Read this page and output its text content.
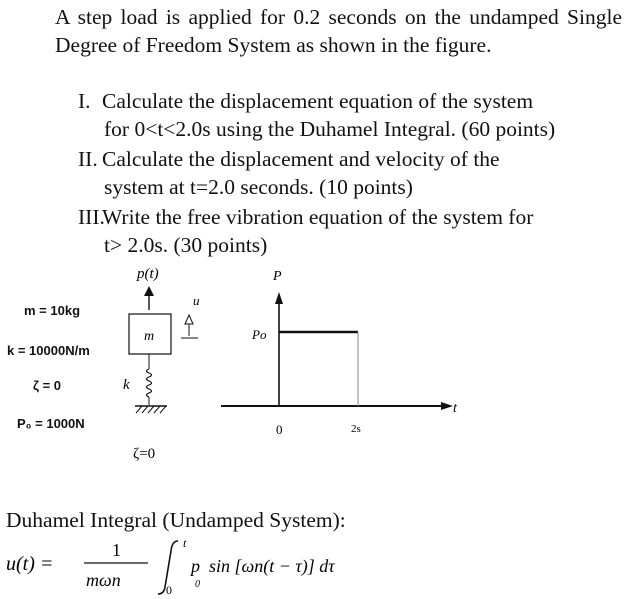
A step load is applied for 0.2 seconds on the undamped Single Degree of Freedom System as shown in the figure.
I. Calculate the displacement equation of the system
for 0<t<2.0s using the Duhamel Integral. (60 points)
II. Calculate the displacement and velocity of the
system at t=2.0 seconds. (10 points)
III.Write the free vibration equation of the system for
t> 2.0s. (30 points)
m = 10kg
k = 10000N/m
ζ = 0
P₀ = 1000N
p(t)
m
u
k
ζ=0
P
t
Po
0	2s
Duhamel Integral (Undamped System):
u(t) =
1
mωn
t
0
p
0
sin [ωn(t − τ)] dτ
